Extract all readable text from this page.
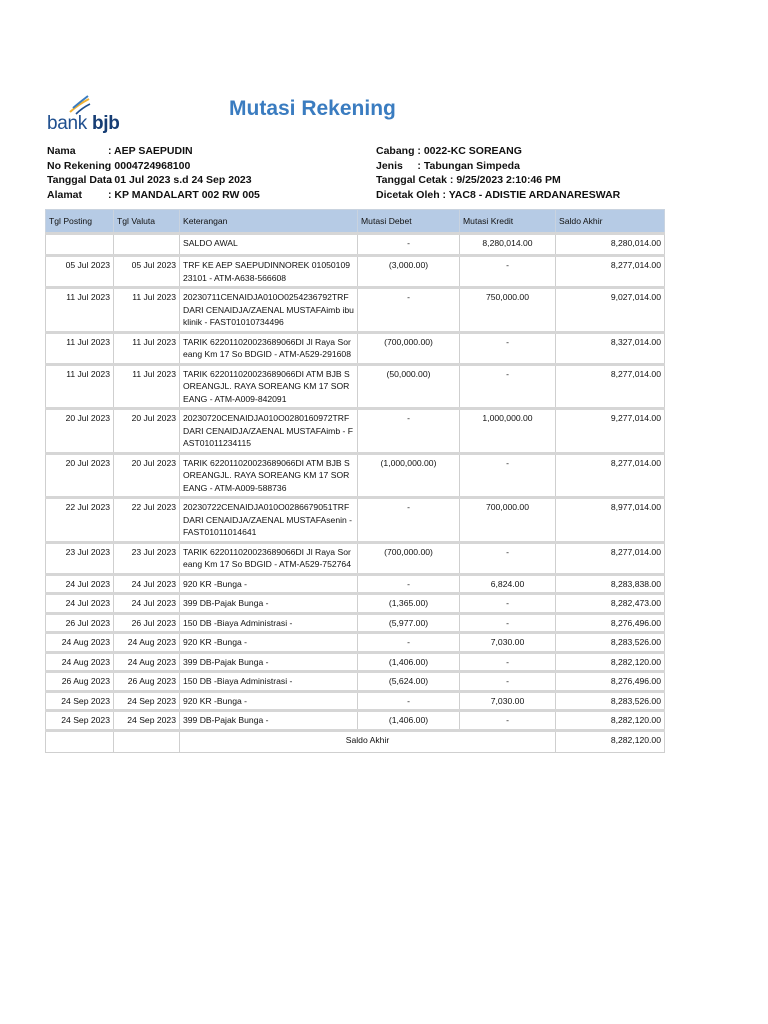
bank bjb
Mutasi Rekening
Nama	: AEP SAEPUDIN
No Rekening
: 0004724968100
Tanggal Data
: 01 Jul 2023 s.d 24 Sep 2023
Alamat	: KP MANDALART 002 RW 005
Cabang : 0022-KC SOREANG
Jenis     : Tabungan Simpeda
Tanggal Cetak : 9/25/2023 2:10:46 PM
Dicetak Oleh : YAC8 - ADISTIE ARDANARESWAR
Tgl Posting	Tgl Valuta	Keterangan	Mutasi Debet	Mutasi Kredit	Saldo Akhir
		SALDO AWAL	-	8,280,014.00	8,280,014.00
05 Jul 2023	05 Jul 2023	TRF KE AEP SAEPUDINNOREK 0105010923101 - ATM-A638-566608	(3,000.00)	-	8,277,014.00
11 Jul 2023	11 Jul 2023	20230711CENAIDJA010O0254236792TRF DARI CENAIDJA/ZAENAL MUSTAFAimb ibu klinik - FAST01010734496	-	750,000.00	9,027,014.00
11 Jul 2023	11 Jul 2023	TARIK 622011020023689066DI Jl Raya Soreang Km 17 So BDGID - ATM-A529-291608	(700,000.00)	-	8,327,014.00
11 Jul 2023	11 Jul 2023	TARIK 622011020023689066DI ATM BJB SOREANGJL. RAYA SOREANG KM 17 SOREANG - ATM-A009-842091	(50,000.00)	-	8,277,014.00
20 Jul 2023	20 Jul 2023	20230720CENAIDJA010O0280160972TRF DARI CENAIDJA/ZAENAL MUSTAFAimb - FAST01011234115	-	1,000,000.00	9,277,014.00
20 Jul 2023	20 Jul 2023	TARIK 622011020023689066DI ATM BJB SOREANGJL. RAYA SOREANG KM 17 SOREANG - ATM-A009-588736	(1,000,000.00)	-	8,277,014.00
22 Jul 2023	22 Jul 2023	20230722CENAIDJA010O0286679051TRF DARI CENAIDJA/ZAENAL MUSTAFAsenin - FAST01011014641	-	700,000.00	8,977,014.00
23 Jul 2023	23 Jul 2023	TARIK 622011020023689066DI Jl Raya Soreang Km 17 So BDGID - ATM-A529-752764	(700,000.00)	-	8,277,014.00
24 Jul 2023	24 Jul 2023	920 KR -Bunga -	-	6,824.00	8,283,838.00
24 Jul 2023	24 Jul 2023	399 DB-Pajak Bunga -	(1,365.00)	-	8,282,473.00
26 Jul 2023	26 Jul 2023	150 DB -Biaya Administrasi -	(5,977.00)	-	8,276,496.00
24 Aug 2023	24 Aug 2023	920 KR -Bunga -	-	7,030.00	8,283,526.00
24 Aug 2023	24 Aug 2023	399 DB-Pajak Bunga -	(1,406.00)	-	8,282,120.00
26 Aug 2023	26 Aug 2023	150 DB -Biaya Administrasi -	(5,624.00)	-	8,276,496.00
24 Sep 2023	24 Sep 2023	920 KR -Bunga -	-	7,030.00	8,283,526.00
24 Sep 2023	24 Sep 2023	399 DB-Pajak Bunga -	(1,406.00)	-	8,282,120.00
		Saldo Akhir			8,282,120.00
